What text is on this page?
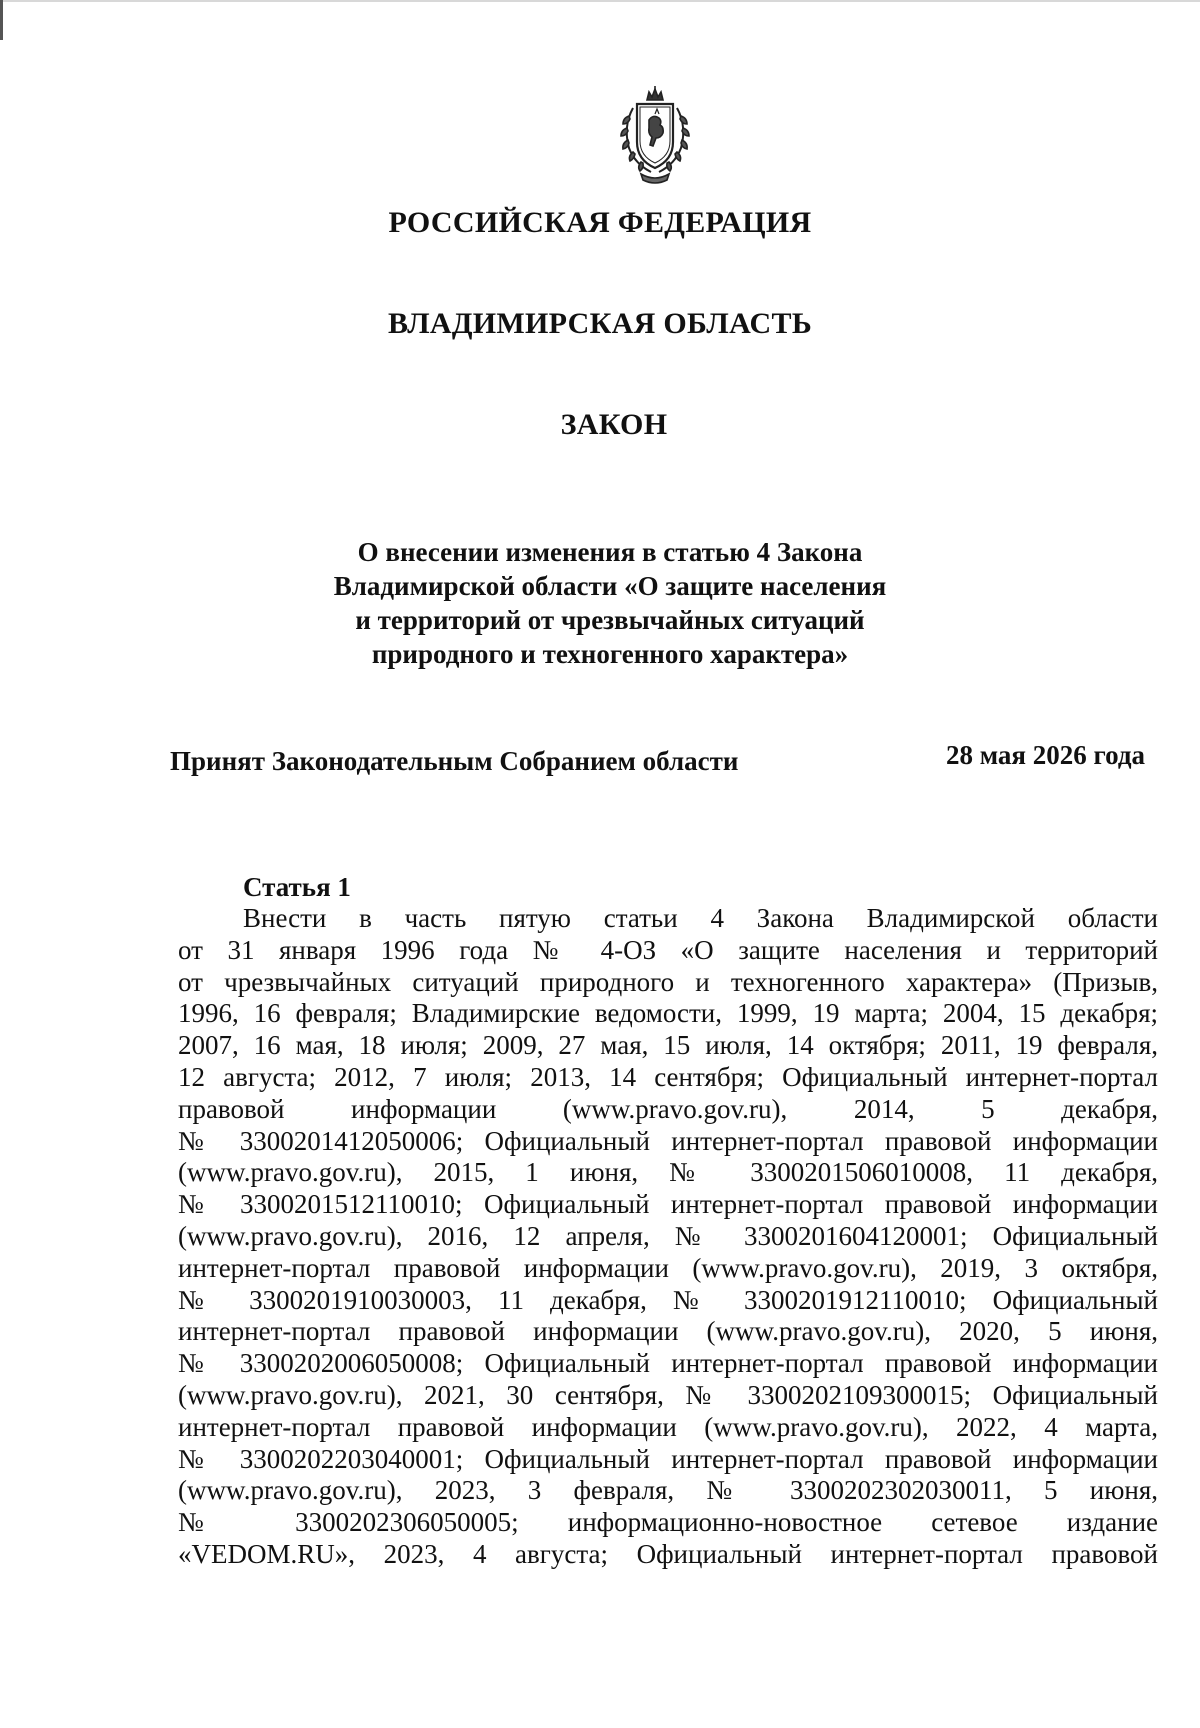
РОССИЙСКАЯ ФЕДЕРАЦИЯ
ВЛАДИМИРСКАЯ ОБЛАСТЬ
ЗАКОН
О внесении изменения в статью 4 Закона
Владимирской области «О защите населения
и территорий от чрезвычайных ситуаций
природного и техногенного характера»
Принят Законодательным Собранием области	28 мая 2026 года
Статья 1
Внести в часть пятую статьи 4 Закона Владимирской области
от 31 января 1996 года № 4-ОЗ «О защите населения и территорий
от чрезвычайных ситуаций природного и техногенного характера» (Призыв,
1996, 16 февраля; Владимирские ведомости, 1999, 19 марта; 2004, 15 декабря;
2007, 16 мая, 18 июля; 2009, 27 мая, 15 июля, 14 октября; 2011, 19 февраля,
12 августа; 2012, 7 июля; 2013, 14 сентября; Официальный интернет-портал
правовой информации (www.pravo.gov.ru), 2014, 5 декабря,
№ 3300201412050006; Официальный интернет-портал правовой информации
(www.pravo.gov.ru), 2015, 1 июня, № 3300201506010008, 11 декабря,
№ 3300201512110010; Официальный интернет-портал правовой информации
(www.pravo.gov.ru), 2016, 12 апреля, № 3300201604120001; Официальный
интернет-портал правовой информации (www.pravo.gov.ru), 2019, 3 октября,
№ 3300201910030003, 11 декабря, № 3300201912110010; Официальный
интернет-портал правовой информации (www.pravo.gov.ru), 2020, 5 июня,
№ 3300202006050008; Официальный интернет-портал правовой информации
(www.pravo.gov.ru), 2021, 30 сентября, № 3300202109300015; Официальный
интернет-портал правовой информации (www.pravo.gov.ru), 2022, 4 марта,
№ 3300202203040001; Официальный интернет-портал правовой информации
(www.pravo.gov.ru), 2023, 3 февраля, № 3300202302030011, 5 июня,
№ 3300202306050005; информационно-новостное сетевое издание
«VEDOM.RU», 2023, 4 августа; Официальный интернет-портал правовой
